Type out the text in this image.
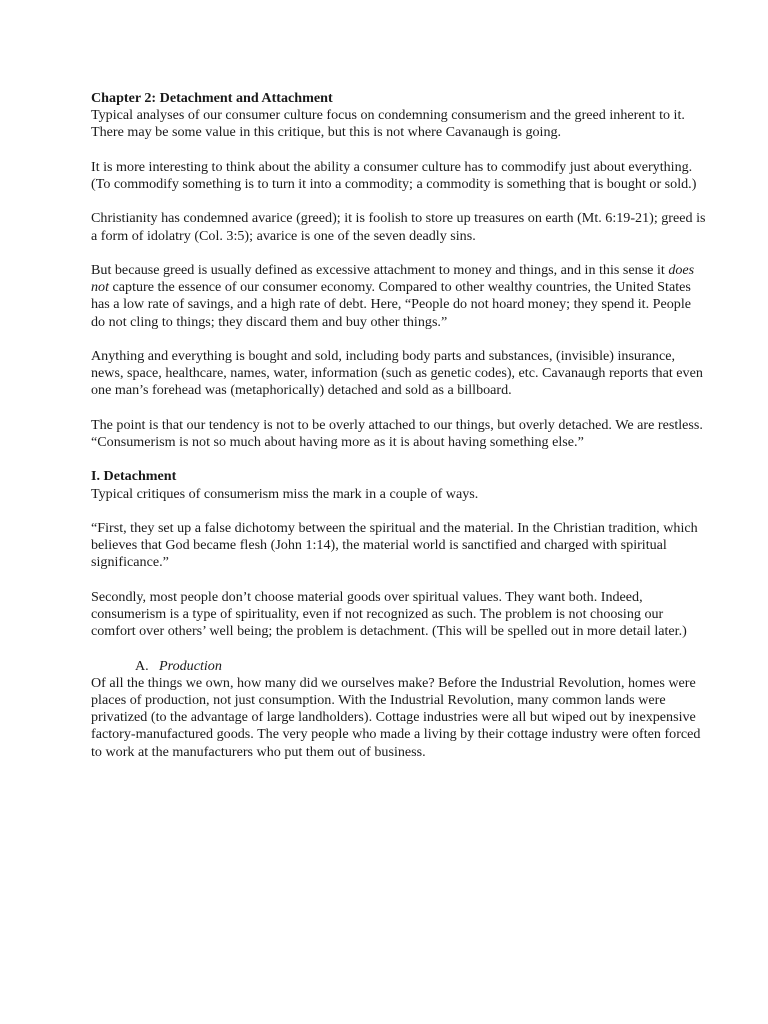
Chapter 2: Detachment and Attachment

Typical analyses of our consumer culture focus on condemning consumerism and the greed inherent to it. There may be some value in this critique, but this is not where Cavanaugh is going.

It is more interesting to think about the ability a consumer culture has to commodify just about everything. (To commodify something is to turn it into a commodity; a commodity is something that is bought or sold.)

Christianity has condemned avarice (greed); it is foolish to store up treasures on earth (Mt. 6:19-21); greed is a form of idolatry (Col. 3:5); avarice is one of the seven deadly sins.

But because greed is usually defined as excessive attachment to money and things, and in this sense it does not capture the essence of our consumer economy. Compared to other wealthy countries, the United States has a low rate of savings, and a high rate of debt. Here, “People do not hoard money; they spend it. People do not cling to things; they discard them and buy other things.”

Anything and everything is bought and sold, including body parts and substances, (invisible) insurance, news, space, healthcare, names, water, information (such as genetic codes), etc. Cavanaugh reports that even one man’s forehead was (metaphorically) detached and sold as a billboard.

The point is that our tendency is not to be overly attached to our things, but overly detached. We are restless. “Consumerism is not so much about having more as it is about having something else.”

I. Detachment

Typical critiques of consumerism miss the mark in a couple of ways.

“First, they set up a false dichotomy between the spiritual and the material. In the Christian tradition, which believes that God became flesh (John 1:14), the material world is sanctified and charged with spiritual significance.”

Secondly, most people don’t choose material goods over spiritual values. They want both. Indeed, consumerism is a type of spirituality, even if not recognized as such. The problem is not choosing our comfort over others’ well being; the problem is detachment. (This will be spelled out in more detail later.)

A. Production

Of all the things we own, how many did we ourselves make? Before the Industrial Revolution, homes were places of production, not just consumption. With the Industrial Revolution, many common lands were privatized (to the advantage of large landholders). Cottage industries were all but wiped out by inexpensive factory-manufactured goods. The very people who made a living by their cottage industry were often forced to work at the manufacturers who put them out of business.
